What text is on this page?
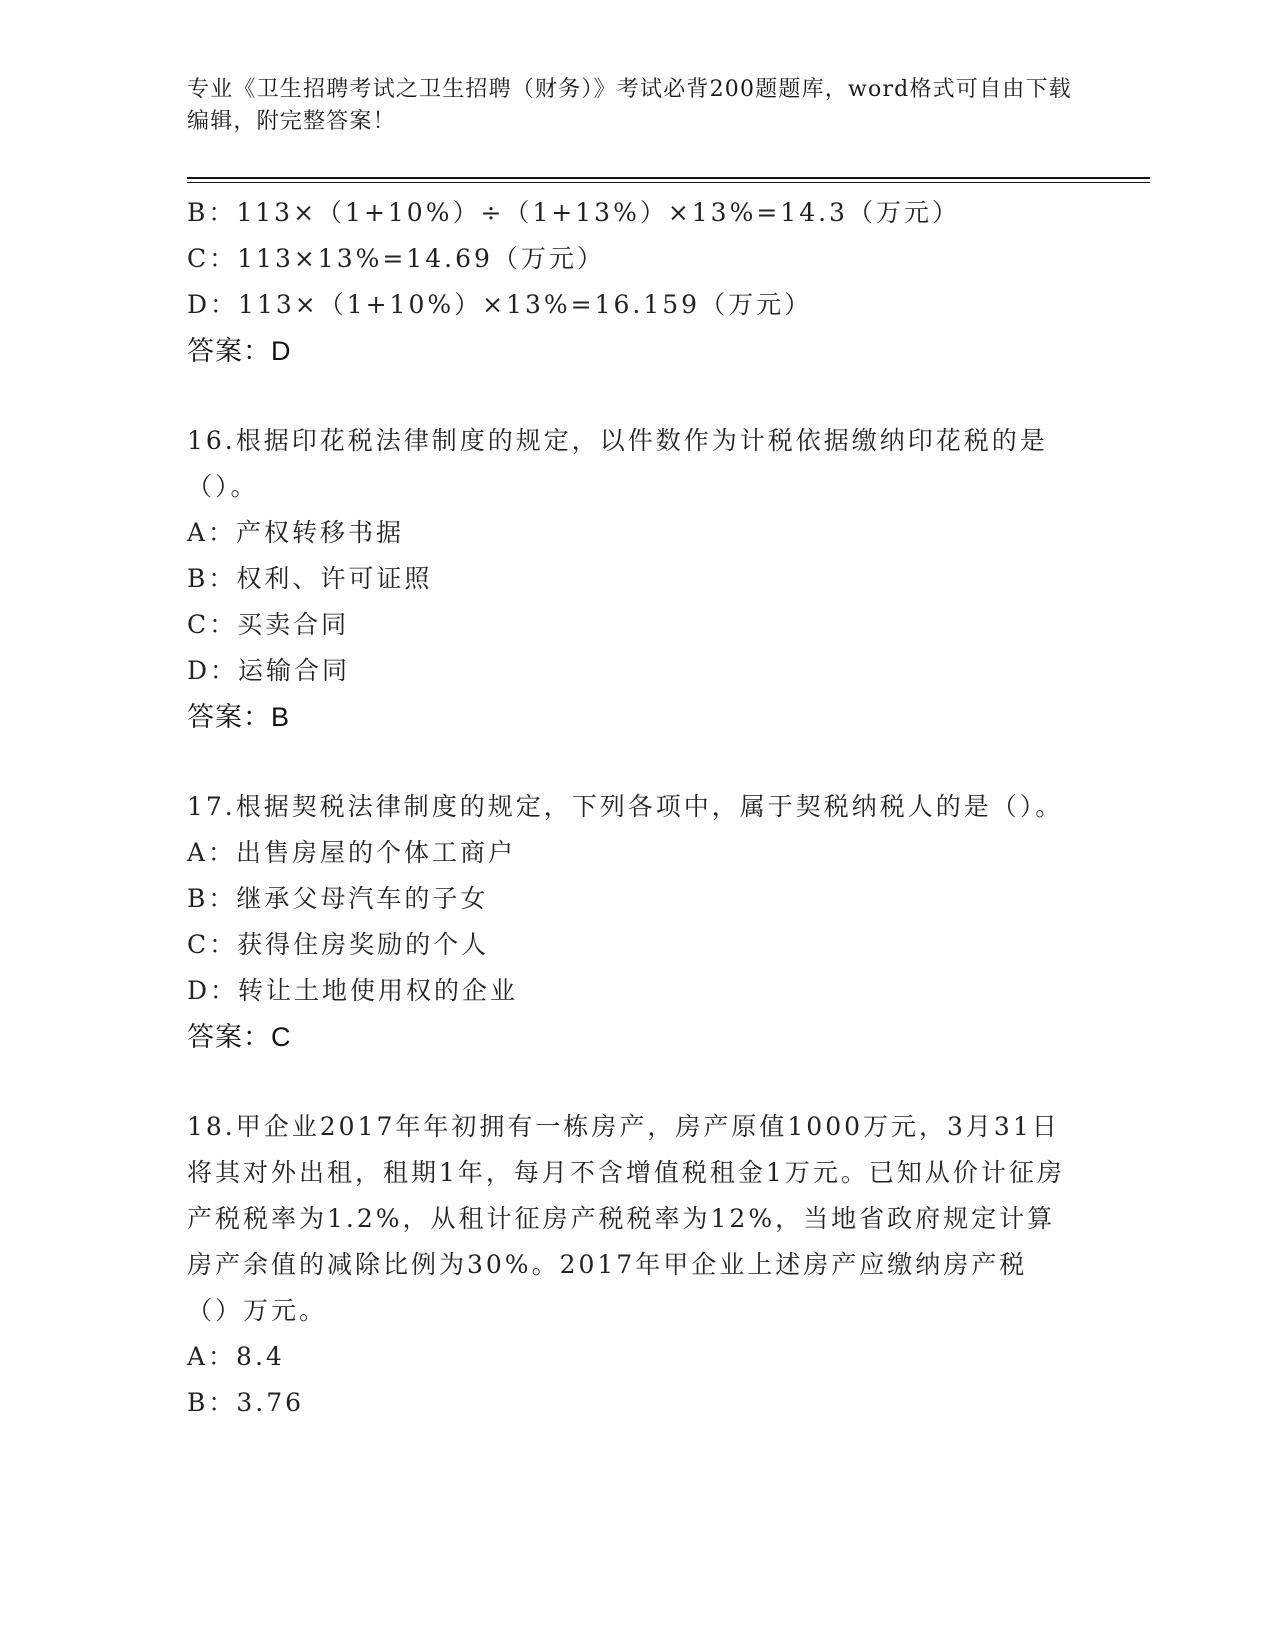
专业《卫生招聘考试之卫生招聘（财务）》考试必背200题题库，word格式可自由下载编辑，附完整答案！
B：113×（1+10%）÷（1+13%）×13%=14.3（万元）
C：113×13%=14.69（万元）
D：113×（1+10%）×13%=16.159（万元）
答案：D
16.根据印花税法律制度的规定，以件数作为计税依据缴纳印花税的是（）。
A：产权转移书据
B：权利、许可证照
C：买卖合同
D：运输合同
答案：B
17.根据契税法律制度的规定，下列各项中，属于契税纳税人的是（）。
A：出售房屋的个体工商户
B：继承父母汽车的子女
C：获得住房奖励的个人
D：转让土地使用权的企业
答案：C
18.甲企业2017年年初拥有一栋房产，房产原值1000万元，3月31日将其对外出租，租期1年，每月不含增值税租金1万元。已知从价计征房产税税率为1.2%，从租计征房产税税率为12%，当地省政府规定计算房产余值的减除比例为30%。2017年甲企业上述房产应缴纳房产税（）万元。
A：8.4
B：3.76
